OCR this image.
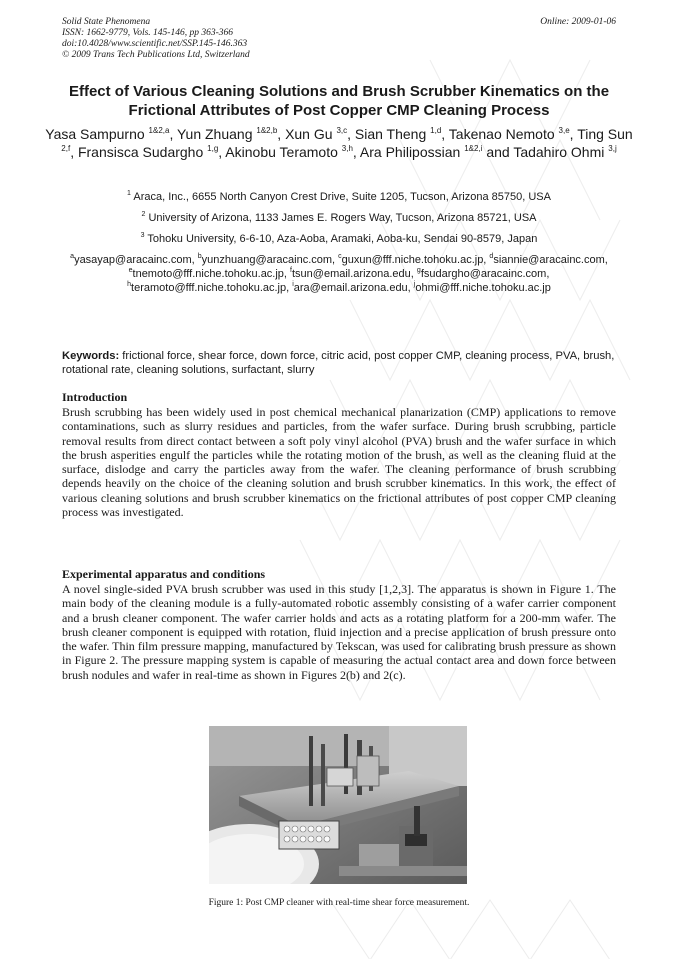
Solid State Phenomena
ISSN: 1662-9779, Vols. 145-146, pp 363-366
doi:10.4028/www.scientific.net/SSP.145-146.363
© 2009 Trans Tech Publications Ltd, Switzerland
Online: 2009-01-06
Effect of Various Cleaning Solutions and Brush Scrubber Kinematics on the Frictional Attributes of Post Copper CMP Cleaning Process
Yasa Sampurno $^{1\&2,a}$, Yun Zhuang $^{1\&2,b}$, Xun Gu $^{3,c}$, Sian Theng $^{1,d}$, Takenao Nemoto $^{3,e}$, Ting Sun $^{2,f}$, Fransisca Sudargho $^{1,g}$, Akinobu Teramoto $^{3,h}$, Ara Philipossian $^{1\&2,i}$ and Tadahiro Ohmi $^{3,j}$
$^1$ Araca, Inc., 6655 North Canyon Crest Drive, Suite 1205, Tucson, Arizona 85750, USA
$^2$ University of Arizona, 1133 James E. Rogers Way, Tucson, Arizona 85721, USA
$^3$ Tohoku University, 6-6-10, Aza-Aoba, Aramaki, Aoba-ku, Sendai 90-8579, Japan
$^a$yasayap@aracainc.com, $^b$yunzhuang@aracainc.com, $^c$guxun@fff.niche.tohoku.ac.jp, $^d$siannie@aracainc.com, $^e$tnemoto@fff.niche.tohoku.ac.jp, $^f$tsun@email.arizona.edu, $^g$fsudargho@aracainc.com, $^h$teramoto@fff.niche.tohoku.ac.jp, $^i$ara@email.arizona.edu, $^j$ohmi@fff.niche.tohoku.ac.jp
Keywords: frictional force, shear force, down force, citric acid, post copper CMP, cleaning process, PVA, brush, rotational rate, cleaning solutions, surfactant, slurry
Introduction
Brush scrubbing has been widely used in post chemical mechanical planarization (CMP) applications to remove contaminations, such as slurry residues and particles, from the wafer surface. During brush scrubbing, particle removal results from direct contact between a soft poly vinyl alcohol (PVA) brush and the wafer surface in which the brush asperities engulf the particles while the rotating motion of the brush, as well as the cleaning fluid at the surface, dislodge and carry the particles away from the wafer. The cleaning performance of brush scrubbing depends heavily on the choice of the cleaning solution and brush scrubber kinematics. In this work, the effect of various cleaning solutions and brush scrubber kinematics on the frictional attributes of post copper CMP cleaning process was investigated.
Experimental apparatus and conditions
A novel single-sided PVA brush scrubber was used in this study [1,2,3]. The apparatus is shown in Figure 1. The main body of the cleaning module is a fully-automated robotic assembly consisting of a wafer carrier component and a brush cleaner component. The wafer carrier holds and acts as a rotating platform for a 200-mm wafer. The brush cleaner component is equipped with rotation, fluid injection and a precise application of brush pressure onto the wafer. Thin film pressure mapping, manufactured by Tekscan, was used for calibrating brush pressure as shown in Figure 2. The pressure mapping system is capable of measuring the actual contact area and down force between brush nodules and wafer in real-time as shown in Figures 2(b) and 2(c).
Figure 1: Post CMP cleaner with real-time shear force measurement.
